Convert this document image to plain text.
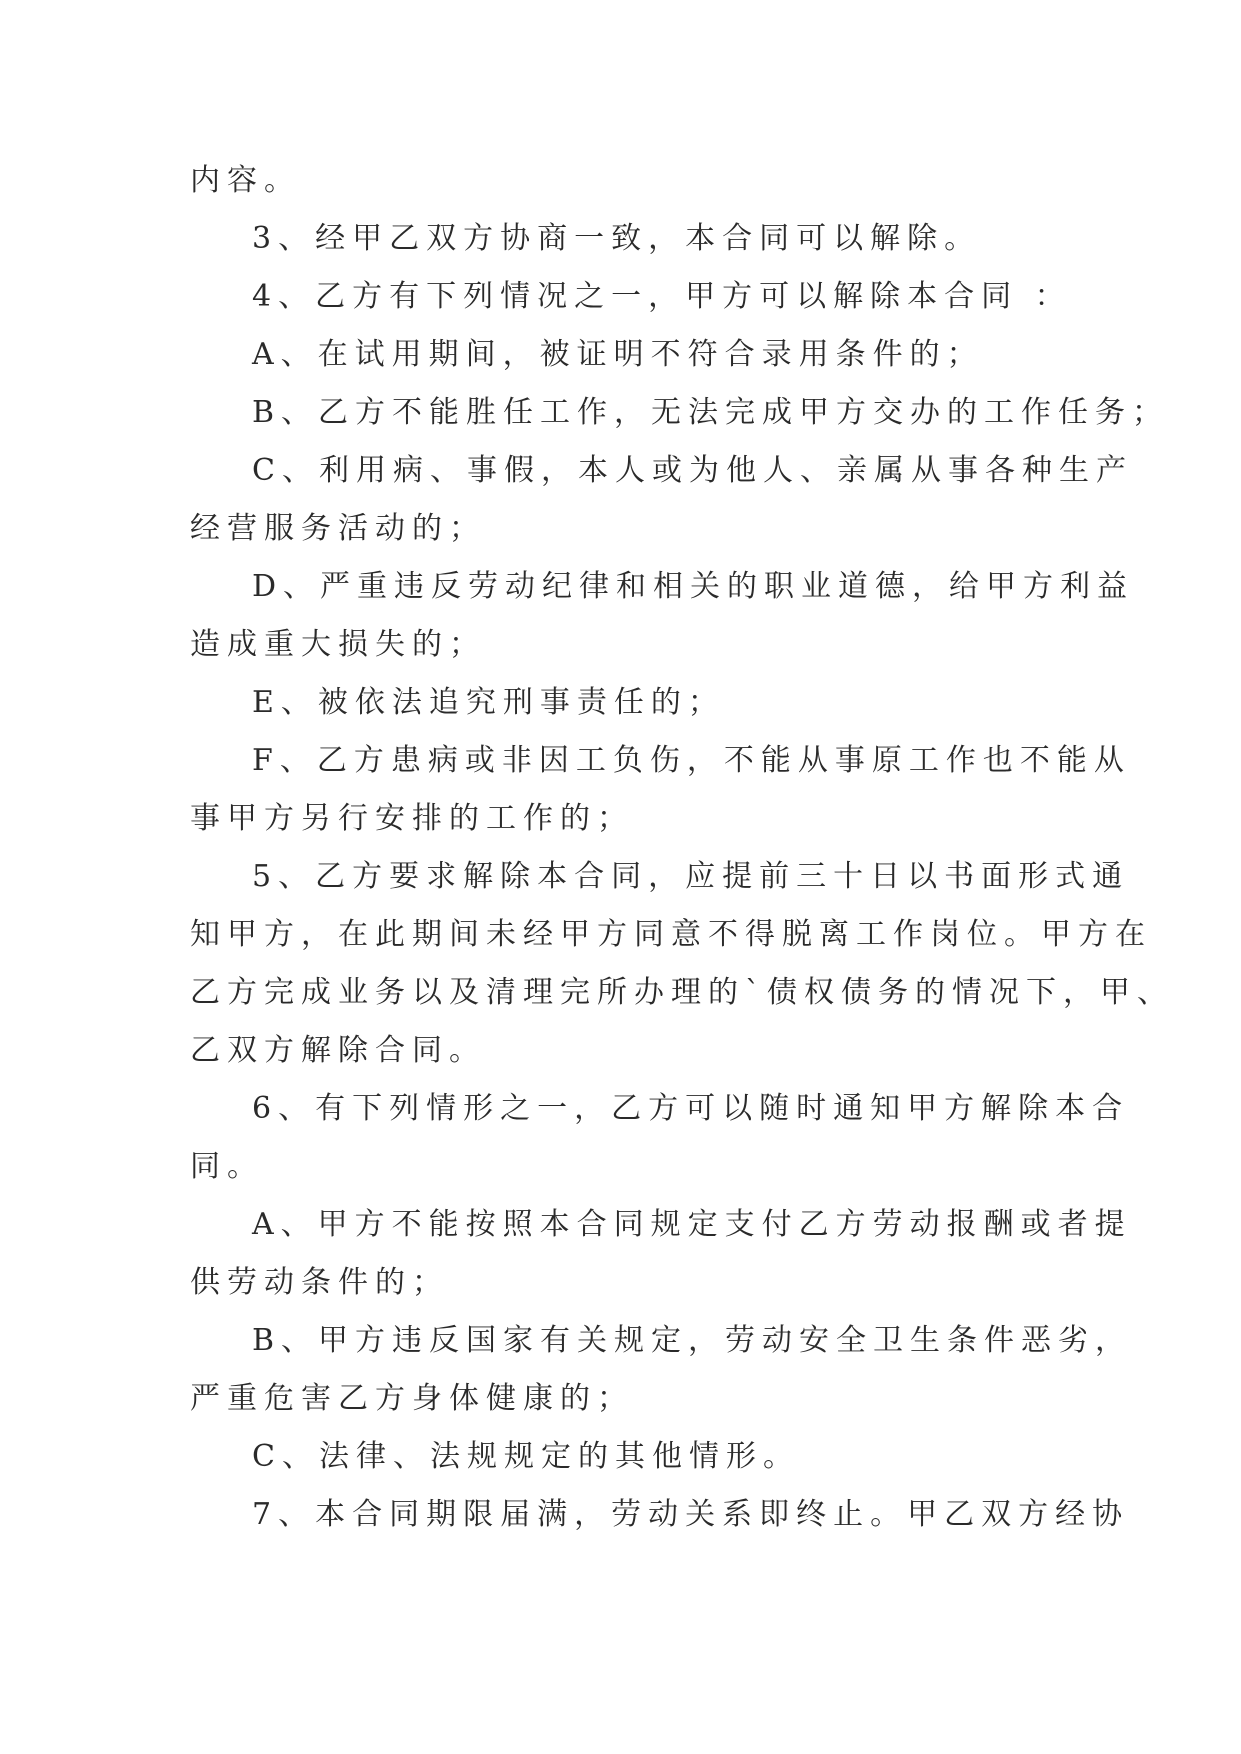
内容。
3、经甲乙双方协商一致，本合同可以解除。
4、乙方有下列情况之一，甲方可以解除本合同 ：
A、在试用期间，被证明不符合录用条件的；
B、乙方不能胜任工作，无法完成甲方交办的工作任务；
C、利用病、事假，本人或为他人、亲属从事各种生产
经营服务活动的；
D、严重违反劳动纪律和相关的职业道德，给甲方利益
造成重大损失的；
E、被依法追究刑事责任的；
F、乙方患病或非因工负伤，不能从事原工作也不能从
事甲方另行安排的工作的；
5、乙方要求解除本合同，应提前三十日以书面形式通
知甲方，在此期间未经甲方同意不得脱离工作岗位。甲方在
乙方完成业务以及清理完所办理的`债权债务的情况下，甲、
乙双方解除合同。
6、有下列情形之一，乙方可以随时通知甲方解除本合
同。
A、甲方不能按照本合同规定支付乙方劳动报酬或者提
供劳动条件的；
B、甲方违反国家有关规定，劳动安全卫生条件恶劣，
严重危害乙方身体健康的；
C、法律、法规规定的其他情形。
7、本合同期限届满，劳动关系即终止。甲乙双方经协
